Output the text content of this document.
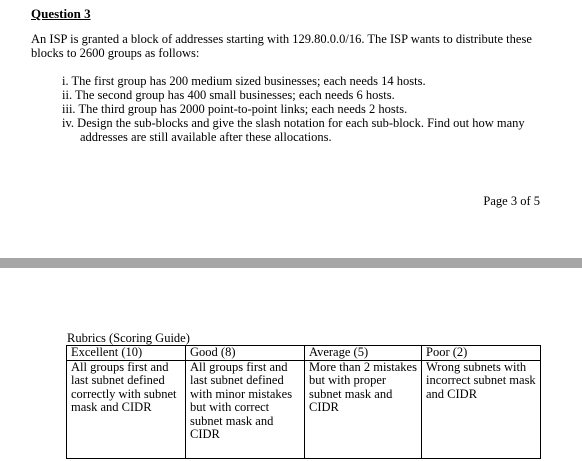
Question 3

An ISP is granted a block of addresses starting with 129.80.0.0/16. The ISP wants to distribute these blocks to 2600 groups as follows:

i. The first group has 200 medium sized businesses; each needs 14 hosts.
ii. The second group has 400 small businesses; each needs 6 hosts.
iii. The third group has 2000 point-to-point links; each needs 2 hosts.
iv. Design the sub-blocks and give the slash notation for each sub-block. Find out how many addresses are still available after these allocations.
Page 3 of 5
Rubrics (Scoring Guide)
Excellent (10)	Good (8)	Average (5)	Poor (2)
All groups first and last subnet defined correctly with subnet mask and CIDR	All groups first and last subnet defined with minor mistakes but with correct subnet mask and CIDR	More than 2 mistakes but with proper subnet mask and CIDR	Wrong subnets with incorrect subnet mask and CIDR
